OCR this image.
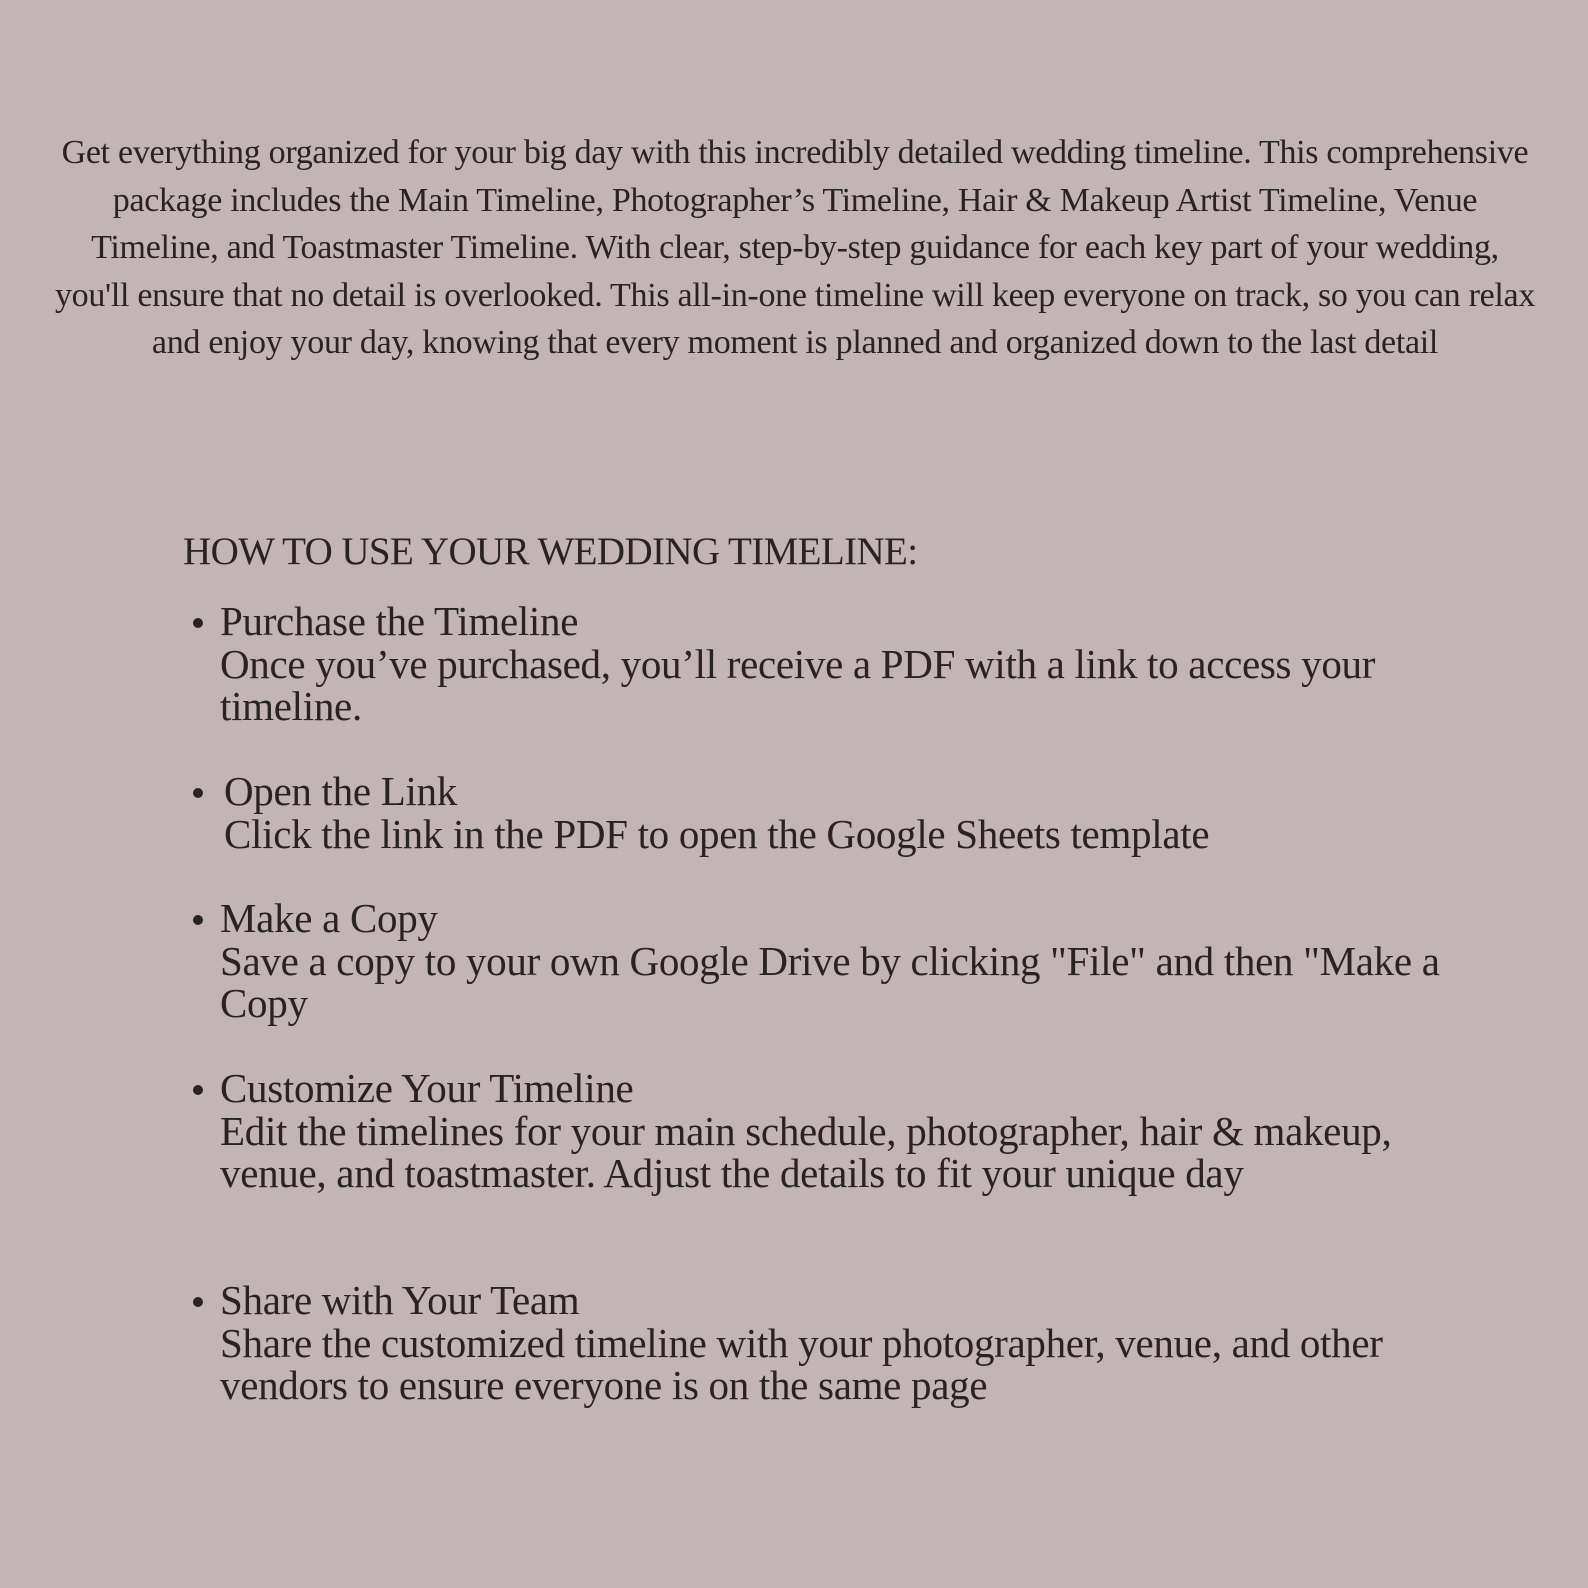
Get everything organized for your big day with this incredibly detailed wedding timeline. This comprehensive package includes the Main Timeline, Photographer’s Timeline, Hair & Makeup Artist Timeline, Venue Timeline, and Toastmaster Timeline. With clear, step-by-step guidance for each key part of your wedding, you'll ensure that no detail is overlooked. This all-in-one timeline will keep everyone on track, so you can relax and enjoy your day, knowing that every moment is planned and organized down to the last detail

HOW TO USE YOUR WEDDING TIMELINE:
Purchase the Timeline
Once you’ve purchased, you’ll receive a PDF with a link to access your timeline.
Open the Link
Click the link in the PDF to open the Google Sheets template
Make a Copy
Save a copy to your own Google Drive by clicking "File" and then "Make a Copy
Customize Your Timeline
Edit the timelines for your main schedule, photographer, hair & makeup, venue, and toastmaster. Adjust the details to fit your unique day
Share with Your Team
Share the customized timeline with your photographer, venue, and other vendors to ensure everyone is on the same page
